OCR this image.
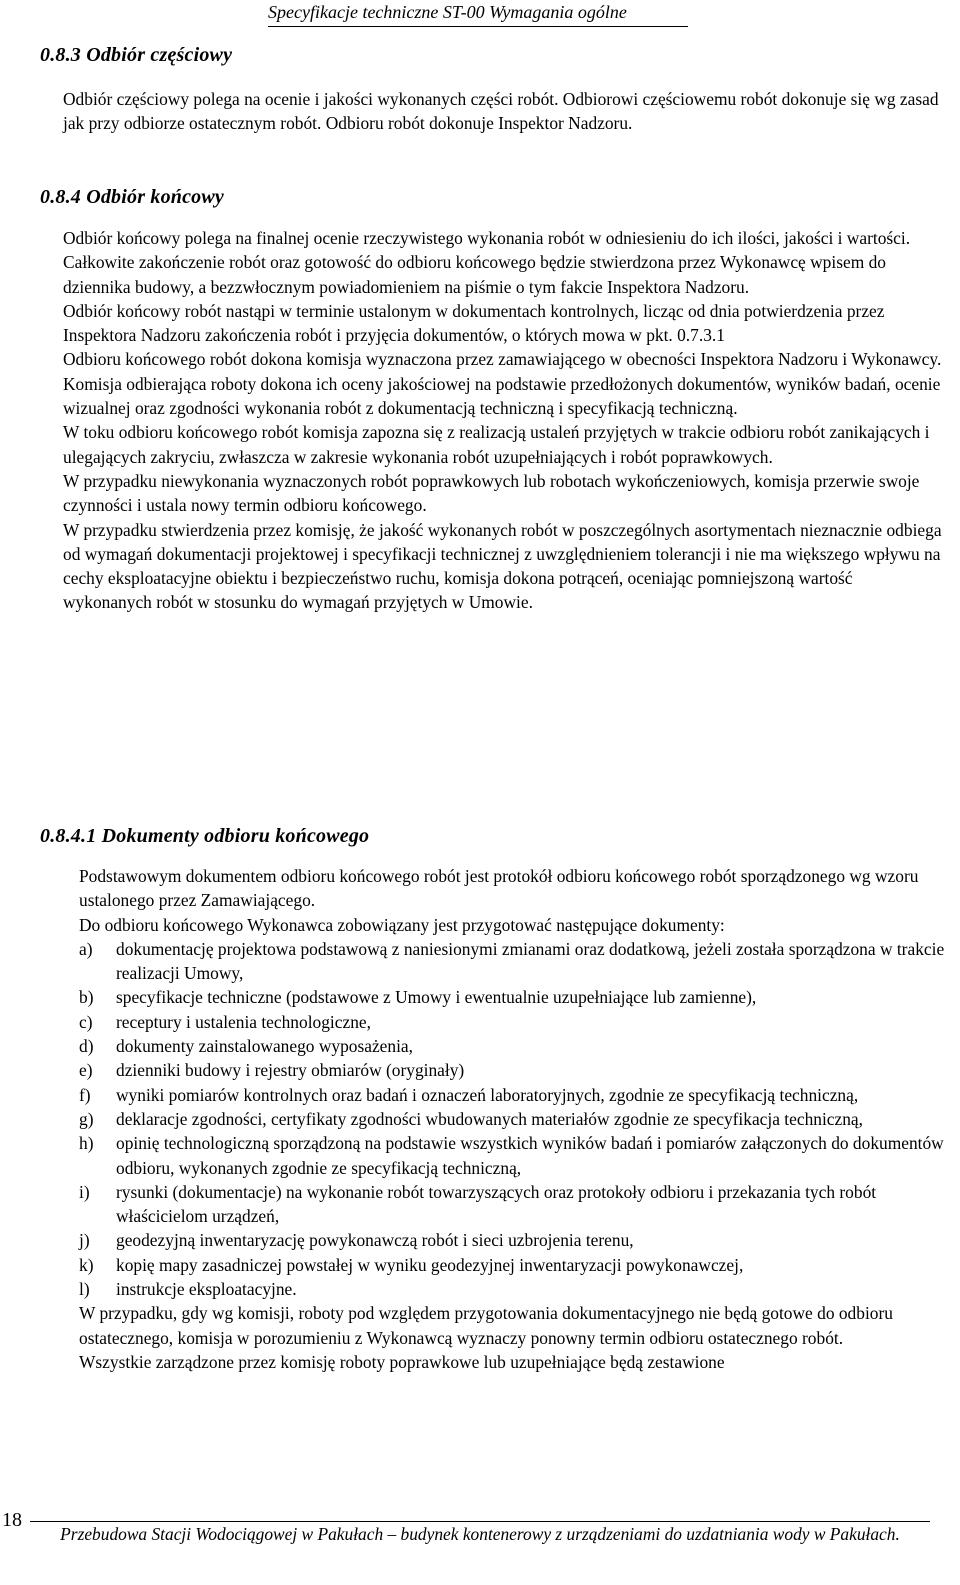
Specyfikacje techniczne ST-00 Wymagania ogólne
0.8.3 Odbiór częściowy

Odbiór częściowy polega na ocenie i jakości wykonanych części robót. Odbiorowi częściowemu robót dokonuje się wg zasad jak przy odbiorze ostatecznym robót. Odbioru robót dokonuje Inspektor Nadzoru.

0.8.4 Odbiór końcowy

Odbiór końcowy polega na finalnej ocenie rzeczywistego wykonania robót w odniesieniu do ich ilości, jakości i wartości.

Całkowite zakończenie robót oraz gotowość do odbioru końcowego będzie stwierdzona przez Wykonawcę wpisem do dziennika budowy, a bezzwłocznym powiadomieniem na piśmie o tym fakcie Inspektora Nadzoru.

Odbiór końcowy robót nastąpi w terminie ustalonym w dokumentach kontrolnych, licząc od dnia potwierdzenia przez Inspektora Nadzoru zakończenia robót i przyjęcia dokumentów, o których mowa w pkt. 0.7.3.1

Odbioru końcowego robót dokona komisja wyznaczona przez zamawiającego w obecności Inspektora Nadzoru i Wykonawcy. Komisja odbierająca roboty dokona ich oceny jakościowej na podstawie przedłożonych dokumentów, wyników badań, ocenie wizualnej oraz zgodności wykonania robót z dokumentacją techniczną i specyfikacją techniczną.

W toku odbioru końcowego robót komisja zapozna się z realizacją ustaleń przyjętych w trakcie odbioru robót zanikających i ulegających zakryciu, zwłaszcza w zakresie wykonania robót uzupełniających i robót poprawkowych.

W przypadku niewykonania wyznaczonych robót poprawkowych lub robotach wykończeniowych, komisja przerwie swoje czynności i ustala nowy termin odbioru końcowego.

W przypadku stwierdzenia przez komisję, że jakość wykonanych robót w poszczególnych asortymentach nieznacznie odbiega od wymagań dokumentacji projektowej i specyfikacji technicznej z uwzględnieniem tolerancji i nie ma większego wpływu na cechy eksploatacyjne obiektu i bezpieczeństwo ruchu, komisja dokona potrąceń, oceniając pomniejszoną wartość wykonanych robót w stosunku do wymagań przyjętych w Umowie.

0.8.4.1 Dokumenty odbioru końcowego

Podstawowym dokumentem odbioru końcowego robót jest protokół odbioru końcowego robót sporządzonego wg wzoru ustalonego przez Zamawiającego.

Do odbioru końcowego Wykonawca zobowiązany jest przygotować następujące dokumenty:

a) dokumentację projektowa podstawową z naniesionymi zmianami oraz dodatkową, jeżeli została sporządzona w trakcie realizacji Umowy,
b) specyfikacje techniczne (podstawowe z Umowy i ewentualnie uzupełniające lub zamienne),
c) receptury i ustalenia technologiczne,
d) dokumenty zainstalowanego wyposażenia,
e) dzienniki budowy i rejestry obmiarów (oryginały)
f) wyniki pomiarów kontrolnych oraz badań i oznaczeń laboratoryjnych, zgodnie ze specyfikacją techniczną,
g) deklaracje zgodności, certyfikaty zgodności wbudowanych materiałów zgodnie ze specyfikacja techniczną,
h) opinię technologiczną sporządzoną na podstawie wszystkich wyników badań i pomiarów załączonych do dokumentów odbioru, wykonanych zgodnie ze specyfikacją techniczną,
i) rysunki (dokumentacje) na wykonanie robót towarzyszących oraz protokoły odbioru i przekazania tych robót właścicielom urządzeń,
j) geodezyjną inwentaryzację powykonawczą robót i sieci uzbrojenia terenu,
k) kopię mapy zasadniczej powstałej w wyniku geodezyjnej inwentaryzacji powykonawczej,
l) instrukcje eksploatacyjne.

W przypadku, gdy wg komisji, roboty pod względem przygotowania dokumentacyjnego nie będą gotowe do odbioru ostatecznego, komisja w porozumieniu z Wykonawcą wyznaczy ponowny termin odbioru ostatecznego robót.

Wszystkie zarządzone przez komisję roboty poprawkowe lub uzupełniające będą zestawione

18
Przebudowa Stacji Wodociągowej w Pakułach – budynek kontenerowy z urządzeniami do uzdatniania wody w Pakułach.
